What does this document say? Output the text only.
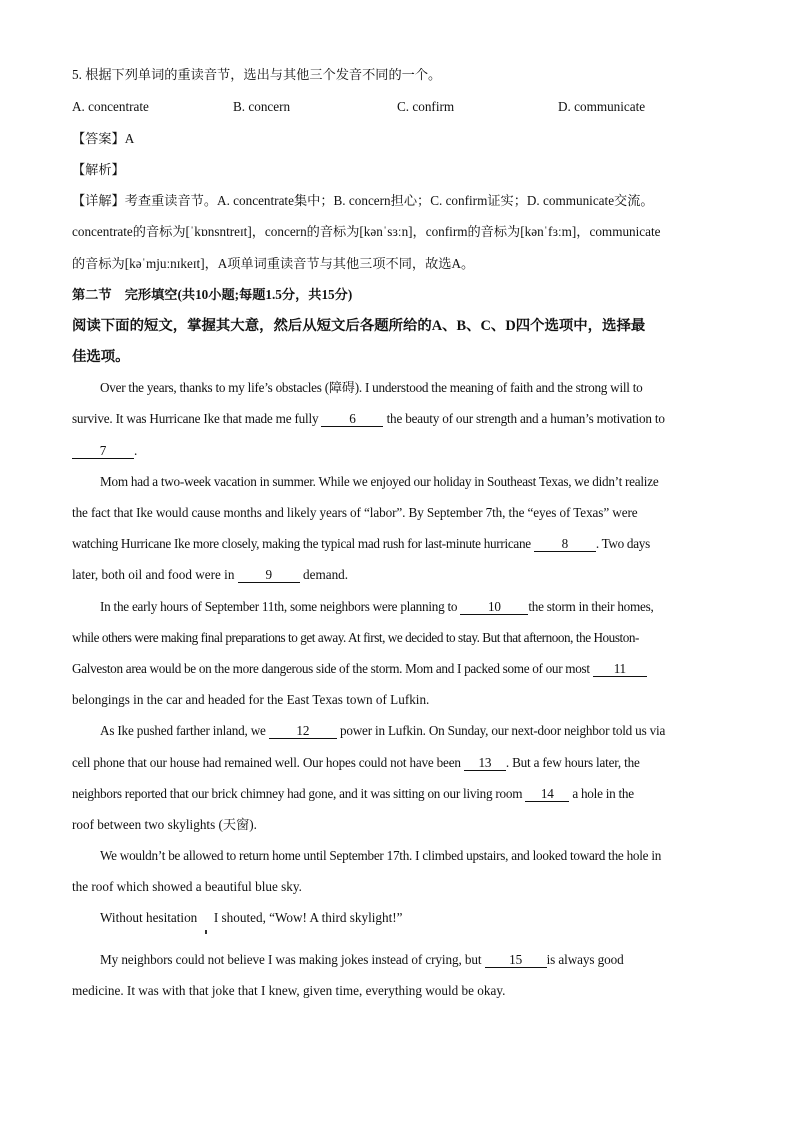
5. 根据下列单词的重读音节，选出与其他三个发音不同的一个。
A. concentrate	B. concern	C. confirm	D. communicate
【答案】A
【解析】
【详解】考查重读音节。A. concentrate集中；B. concern担心；C. confirm证实；D. communicate交流。
concentrate的音标为[ˈkɒnsntreɪt]，concern的音标为[kənˈsɜːn]，confirm的音标为[kənˈfɜːm]，communicate
的音标为[kəˈmjuːnɪkeɪt]，A项单词重读音节与其他三项不同，故选A。
第二节　完形填空(共10小题;每题1.5分，共15分)
阅读下面的短文，掌握其大意，然后从短文后各题所给的A、B、C、D四个选项中，选择最
佳选项。
Over the years, thanks to my life’s obstacles (障碍). I understood the meaning of faith and the strong will to
survive. It was Hurricane Ike that made me fully 6 the beauty of our strength and a human’s motivation to
7 .
Mom had a two-week vacation in summer. While we enjoyed our holiday in Southeast Texas, we didn’t realize
the fact that Ike would cause months and likely years of “labor”. By September 7th, the “eyes of Texas” were
watching Hurricane Ike more closely, making the typical mad rush for last-minute hurricane 8 . Two days
later, both oil and food were in 9 demand.
In the early hours of September 11th, some neighbors were planning to 10 the storm in their homes,
while others were making final preparations to get away. At first, we decided to stay. But that afternoon, the Houston-
Galveston area would be on the more dangerous side of the storm. Mom and I packed some of our most 11
belongings in the car and headed for the East Texas town of Lufkin.
As Ike pushed farther inland, we 12 power in Lufkin. On Sunday, our next-door neighbor told us via
cell phone that our house had remained well. Our hopes could not have been 13 . But a few hours later, the
neighbors reported that our brick chimney had gone, and it was sitting on our living room 14 a hole in the
roof between two skylights (天窗).
We wouldn’t be allowed to return home until September 17th. I climbed upstairs, and looked toward the hole in
the roof which showed a beautiful blue sky.
Without hesitation I shouted, “Wow! A third skylight!”
My neighbors could not believe I was making jokes instead of crying, but 15 is always good
medicine. It was with that joke that I knew, given time, everything would be okay.
